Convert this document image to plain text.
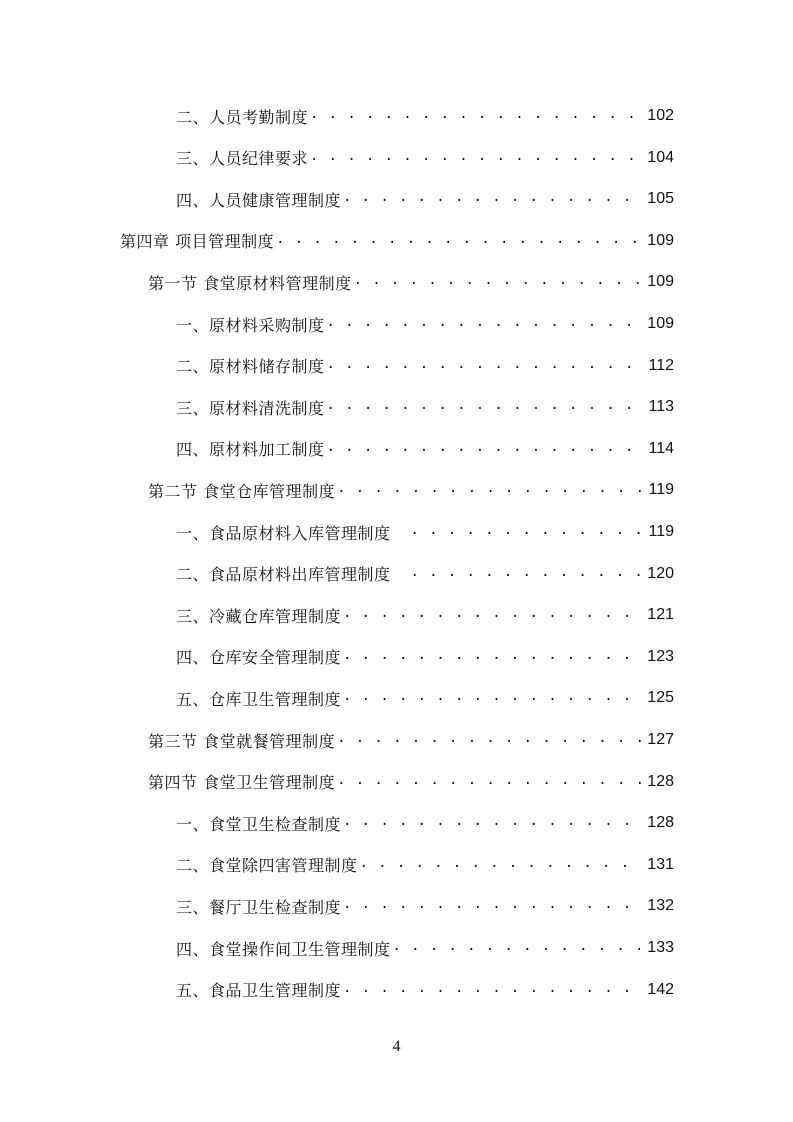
二、人员考勤制度 . . .	102
三、人员纪律要求 . . .	104
四、人员健康管理制度 . . .	105
第四章 项目管理制度 . . .	109
第一节 食堂原材料管理制度 . . .	109
一、原材料采购制度 . . .	109
二、原材料储存制度 . . .	112
三、原材料清洗制度 . . .	113
四、原材料加工制度 . . .	114
第二节 食堂仓库管理制度 . . .	119
一、食品原材料入库管理制度 . . .	119
二、食品原材料出库管理制度 . . .	120
三、冷藏仓库管理制度 . . .	121
四、仓库安全管理制度 . . .	123
五、仓库卫生管理制度 . . .	125
第三节 食堂就餐管理制度 . . .	127
第四节 食堂卫生管理制度 . . .	128
一、食堂卫生检查制度 . . .	128
二、食堂除四害管理制度 . . .	131
三、餐厅卫生检查制度 . . .	132
四、食堂操作间卫生管理制度 . . .	133
五、食品卫生管理制度 . . .	142
4
